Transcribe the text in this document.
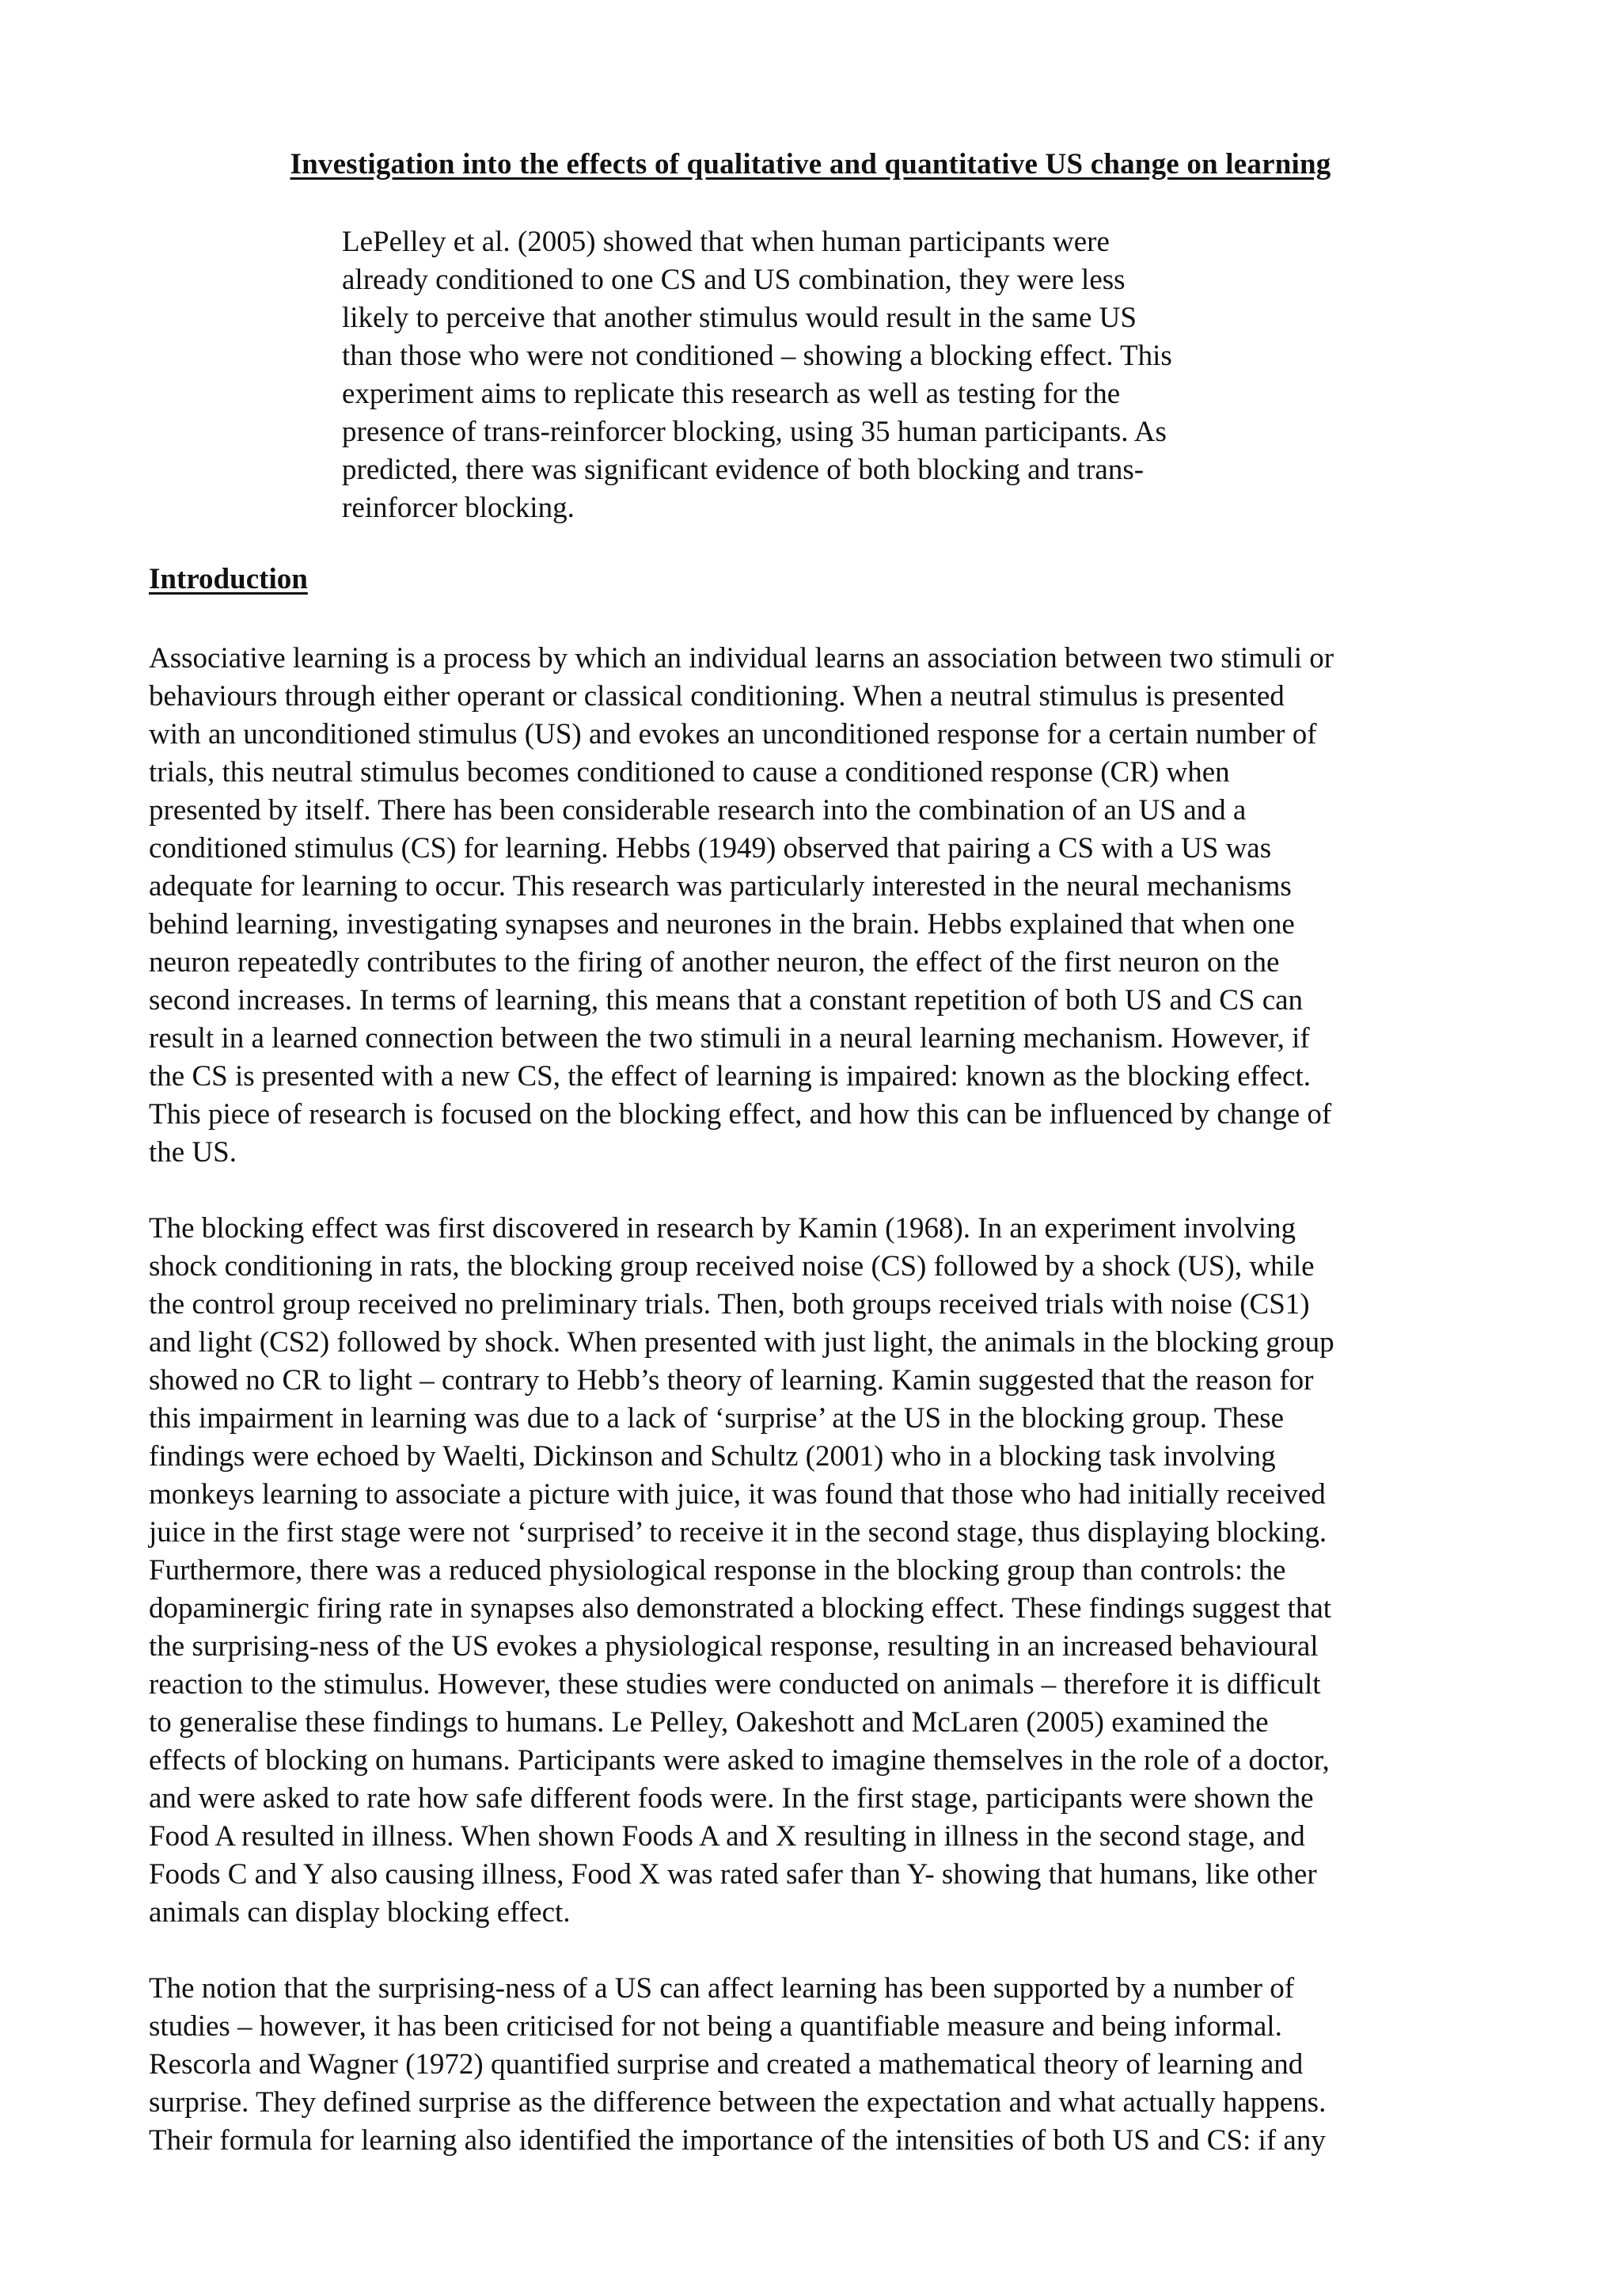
Investigation into the effects of qualitative and quantitative US change on learning
LePelley et al. (2005) showed that when human participants were
already conditioned to one CS and US combination, they were less
likely to perceive that another stimulus would result in the same US
than those who were not conditioned – showing a blocking effect. This
experiment aims to replicate this research as well as testing for the
presence of trans-reinforcer blocking, using 35 human participants. As
predicted, there was significant evidence of both blocking and trans-
reinforcer blocking.
Introduction
Associative learning is a process by which an individual learns an association between two stimuli or
behaviours through either operant or classical conditioning. When a neutral stimulus is presented
with an unconditioned stimulus (US) and evokes an unconditioned response for a certain number of
trials, this neutral stimulus becomes conditioned to cause a conditioned response (CR) when
presented by itself. There has been considerable research into the combination of an US and a
conditioned stimulus (CS) for learning. Hebbs (1949) observed that pairing a CS with a US was
adequate for learning to occur. This research was particularly interested in the neural mechanisms
behind learning, investigating synapses and neurones in the brain. Hebbs explained that when one
neuron repeatedly contributes to the firing of another neuron, the effect of the first neuron on the
second increases. In terms of learning, this means that a constant repetition of both US and CS can
result in a learned connection between the two stimuli in a neural learning mechanism. However, if
the CS is presented with a new CS, the effect of learning is impaired: known as the blocking effect.
This piece of research is focused on the blocking effect, and how this can be influenced by change of
the US.
The blocking effect was first discovered in research by Kamin (1968). In an experiment involving
shock conditioning in rats, the blocking group received noise (CS) followed by a shock (US), while
the control group received no preliminary trials. Then, both groups received trials with noise (CS1)
and light (CS2) followed by shock. When presented with just light, the animals in the blocking group
showed no CR to light – contrary to Hebb’s theory of learning. Kamin suggested that the reason for
this impairment in learning was due to a lack of ‘surprise’ at the US in the blocking group. These
findings were echoed by Waelti, Dickinson and Schultz (2001) who in a blocking task involving
monkeys learning to associate a picture with juice, it was found that those who had initially received
juice in the first stage were not ‘surprised’ to receive it in the second stage, thus displaying blocking.
Furthermore, there was a reduced physiological response in the blocking group than controls: the
dopaminergic firing rate in synapses also demonstrated a blocking effect. These findings suggest that
the surprising-ness of the US evokes a physiological response, resulting in an increased behavioural
reaction to the stimulus. However, these studies were conducted on animals – therefore it is difficult
to generalise these findings to humans. Le Pelley, Oakeshott and McLaren (2005) examined the
effects of blocking on humans. Participants were asked to imagine themselves in the role of a doctor,
and were asked to rate how safe different foods were. In the first stage, participants were shown the
Food A resulted in illness. When shown Foods A and X resulting in illness in the second stage, and
Foods C and Y also causing illness, Food X was rated safer than Y- showing that humans, like other
animals can display blocking effect.
The notion that the surprising-ness of a US can affect learning has been supported by a number of
studies – however, it has been criticised for not being a quantifiable measure and being informal.
Rescorla and Wagner (1972) quantified surprise and created a mathematical theory of learning and
surprise. They defined surprise as the difference between the expectation and what actually happens.
Their formula for learning also identified the importance of the intensities of both US and CS: if any
